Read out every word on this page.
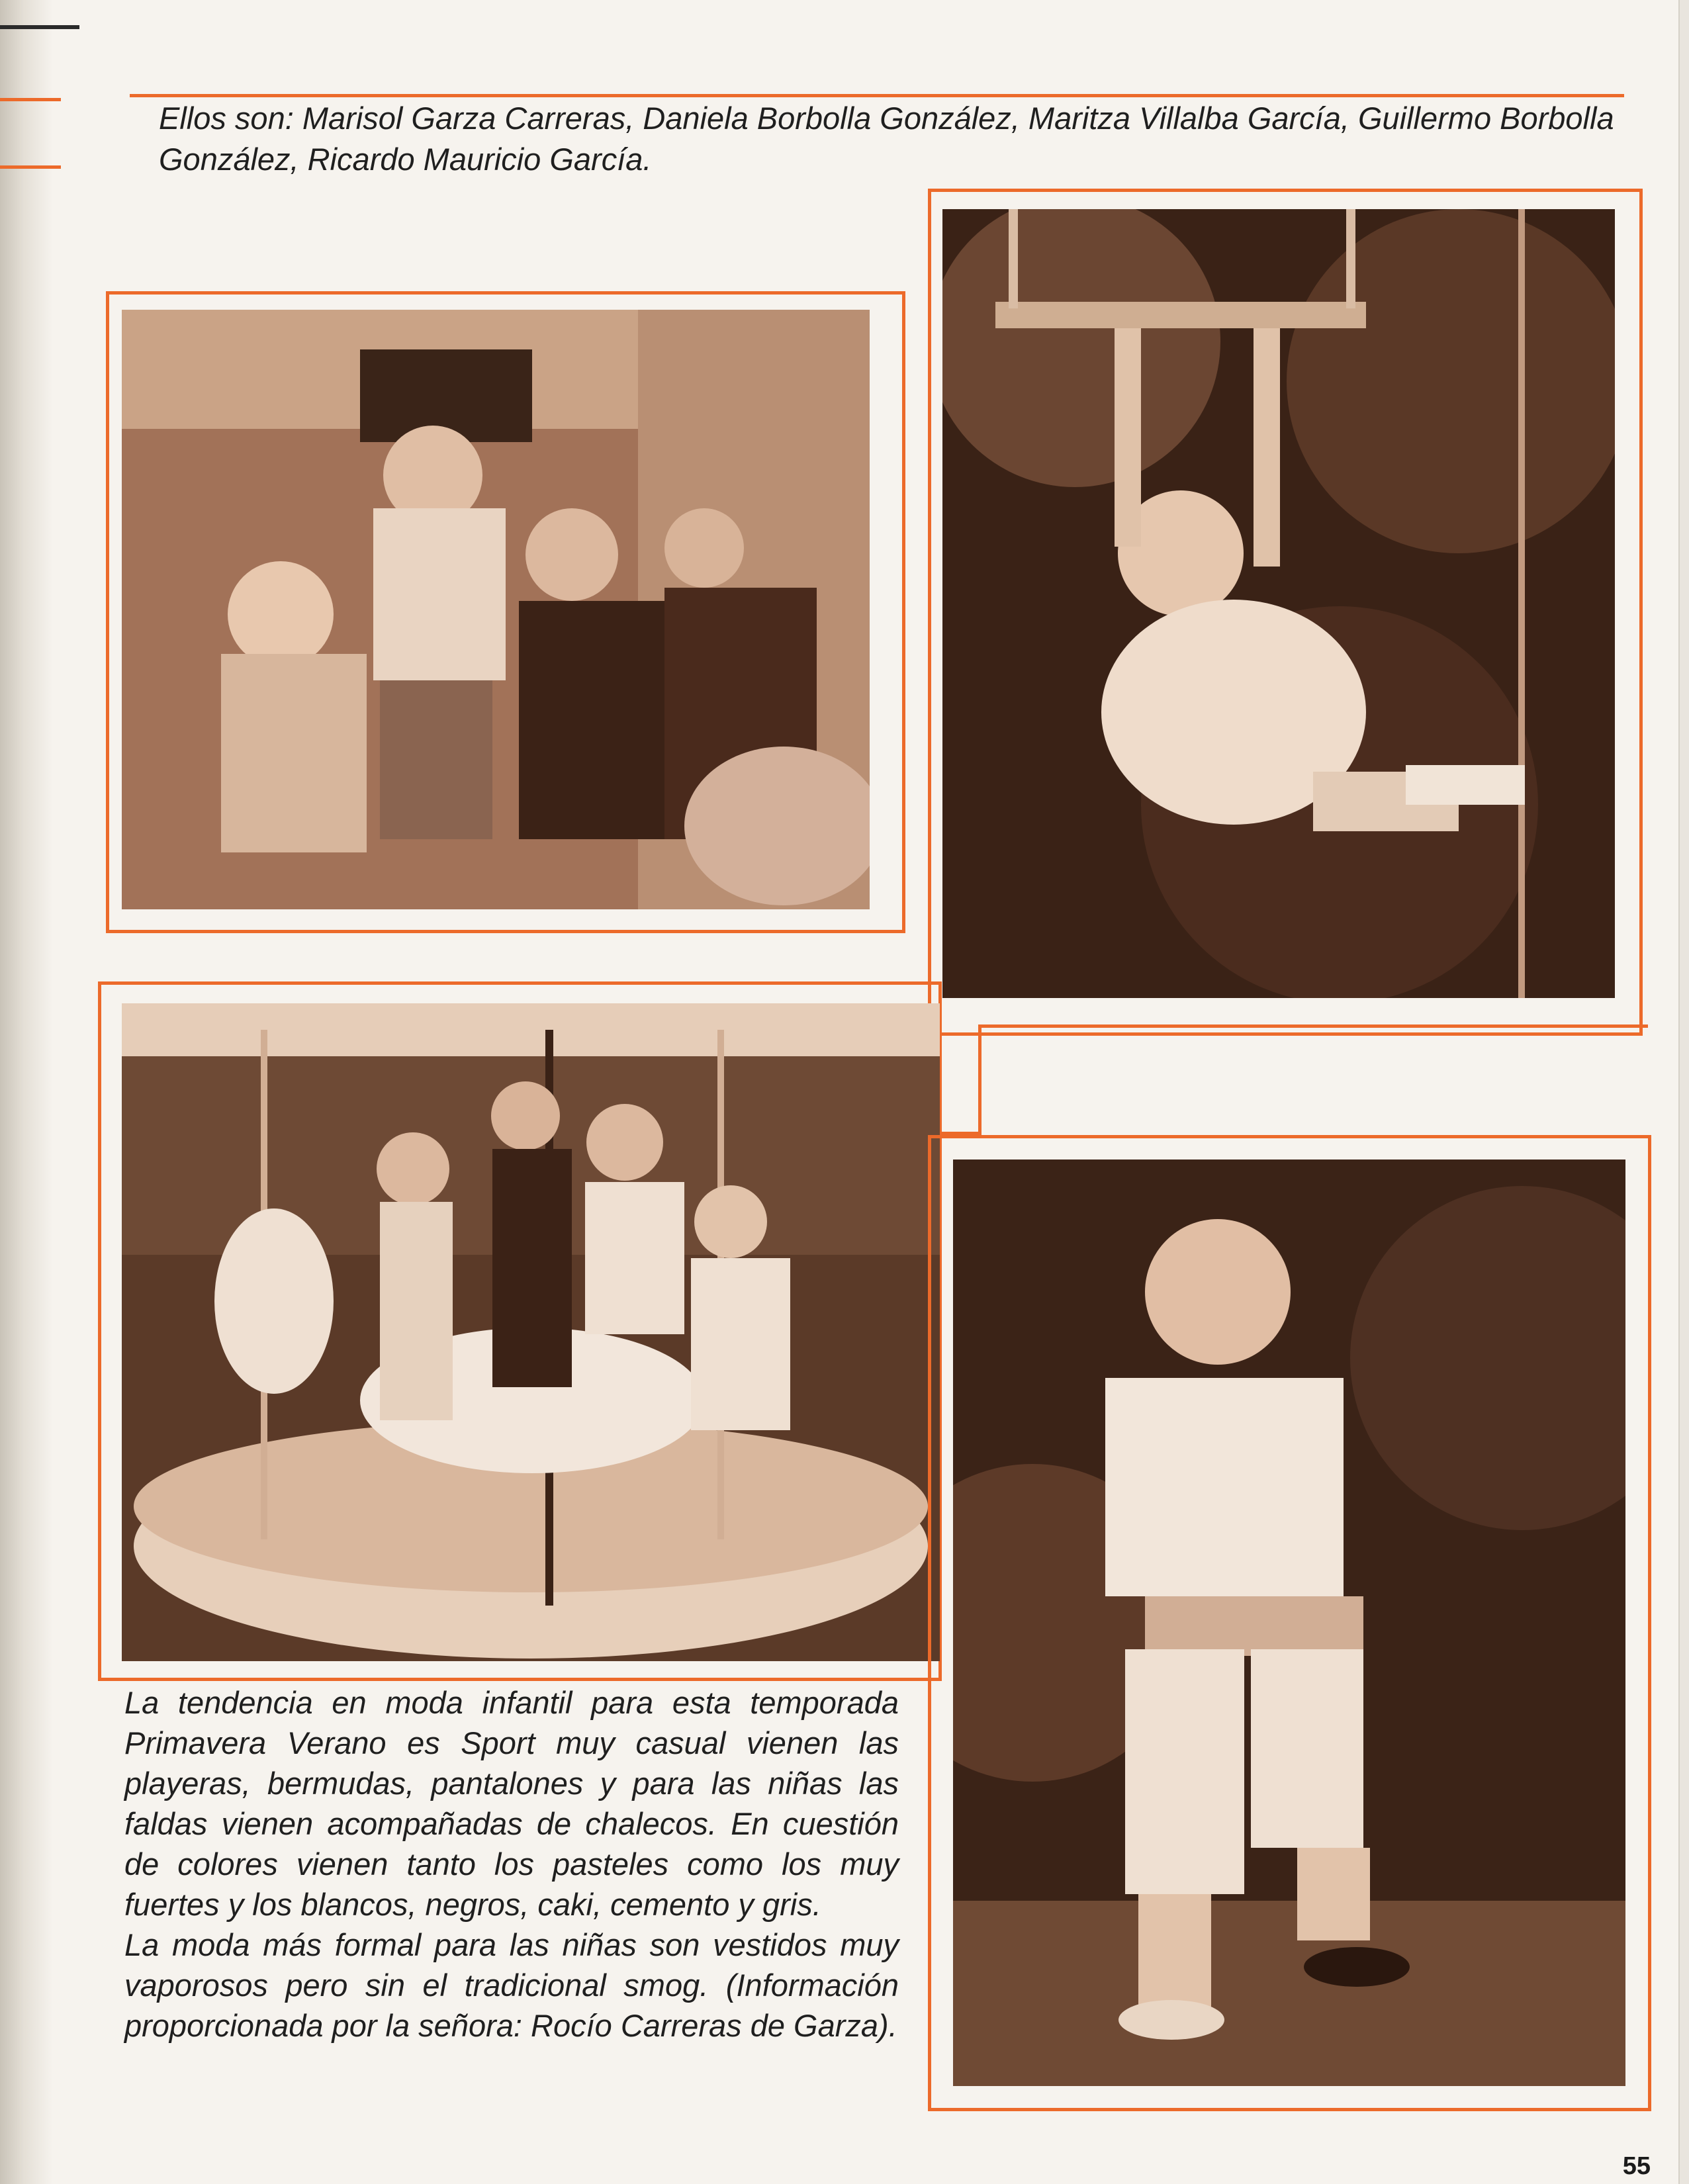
Ellos son: Marisol Garza Carreras, Daniela Borbolla González, Maritza Villalba García, Guillermo Borbolla González, Ricardo Mauricio García.

La tendencia en moda infantil para esta temporada Primavera Verano es Sport muy casual vienen las playeras, bermudas, pantalones y para las niñas las faldas vienen acompañadas de chalecos. En cuestión de colores vienen tanto los pasteles como los muy fuertes y los blancos, negros, caki, cemento y gris.

La moda más formal para las niñas son vestidos muy vaporosos pero sin el tradicional smog. (Información proporcionada por la señora: Rocío Carreras de Garza).

55
